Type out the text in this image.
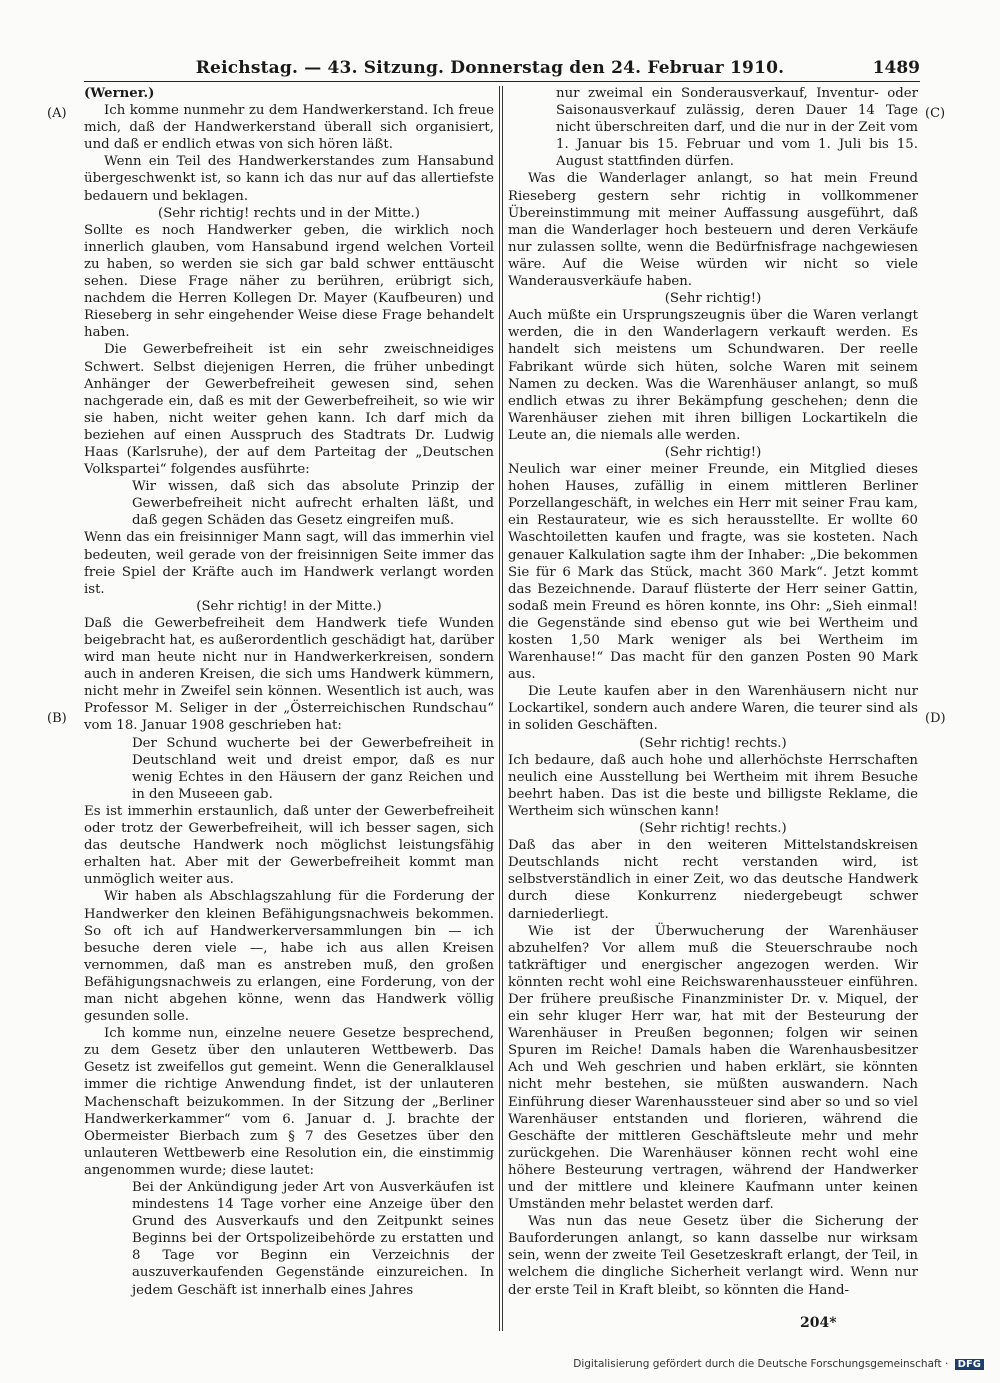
Reichstag. — 43. Sitzung. Donnerstag den 24. Februar 1910.	1489
(A)
(B)
(C)
(D)

(Werner.)

Ich komme nunmehr zu dem Handwerkerstand. Ich freue mich, daß der Handwerkerstand überall sich organisiert, und daß er endlich etwas von sich hören läßt.

Wenn ein Teil des Handwerkerstandes zum Hansabund übergeschwenkt ist, so kann ich das nur auf das allertiefste bedauern und beklagen.

(Sehr richtig! rechts und in der Mitte.)

Sollte es noch Handwerker geben, die wirklich noch innerlich glauben, vom Hansabund irgend welchen Vorteil zu haben, so werden sie sich gar bald schwer enttäuscht sehen. Diese Frage näher zu berühren, erübrigt sich, nachdem die Herren Kollegen Dr. Mayer (Kaufbeuren) und Rieseberg in sehr eingehender Weise diese Frage behandelt haben.

Die Gewerbefreiheit ist ein sehr zweischneidiges Schwert. Selbst diejenigen Herren, die früher unbedingt Anhänger der Gewerbefreiheit gewesen sind, sehen nachgerade ein, daß es mit der Gewerbefreiheit, so wie wir sie haben, nicht weiter gehen kann. Ich darf mich da beziehen auf einen Ausspruch des Stadtrats Dr. Ludwig Haas (Karlsruhe), der auf dem Parteitag der „Deutschen Volkspartei“ folgendes ausführte:

Wir wissen, daß sich das absolute Prinzip der Gewerbefreiheit nicht aufrecht erhalten läßt, und daß gegen Schäden das Gesetz eingreifen muß.

Wenn das ein freisinniger Mann sagt, will das immerhin viel bedeuten, weil gerade von der freisinnigen Seite immer das freie Spiel der Kräfte auch im Handwerk verlangt worden ist.

(Sehr richtig! in der Mitte.)

Daß die Gewerbefreiheit dem Handwerk tiefe Wunden beigebracht hat, es außerordentlich geschädigt hat, darüber wird man heute nicht nur in Handwerkerkreisen, sondern auch in anderen Kreisen, die sich ums Handwerk kümmern, nicht mehr in Zweifel sein können. Wesentlich ist auch, was Professor M. Seliger in der „Österreichischen Rundschau“ vom 18. Januar 1908 geschrieben hat:

Der Schund wucherte bei der Gewerbefreiheit in Deutschland weit und dreist empor, daß es nur wenig Echtes in den Häusern der ganz Reichen und in den Museeen gab.

Es ist immerhin erstaunlich, daß unter der Gewerbefreiheit oder trotz der Gewerbefreiheit, will ich besser sagen, sich das deutsche Handwerk noch möglichst leistungsfähig erhalten hat. Aber mit der Gewerbefreiheit kommt man unmöglich weiter aus.

Wir haben als Abschlagszahlung für die Forderung der Handwerker den kleinen Befähigungsnachweis bekommen. So oft ich auf Handwerkerversammlungen bin — ich besuche deren viele —, habe ich aus allen Kreisen vernommen, daß man es anstreben muß, den großen Befähigungsnachweis zu erlangen, eine Forderung, von der man nicht abgehen könne, wenn das Handwerk völlig gesunden solle.

Ich komme nun, einzelne neuere Gesetze besprechend, zu dem Gesetz über den unlauteren Wettbewerb. Das Gesetz ist zweifellos gut gemeint. Wenn die Generalklausel immer die richtige Anwendung findet, ist der unlauteren Machenschaft beizukommen. In der Sitzung der „Berliner Handwerkerkammer“ vom 6. Januar d. J. brachte der Obermeister Bierbach zum § 7 des Gesetzes über den unlauteren Wettbewerb eine Resolution ein, die einstimmig angenommen wurde; diese lautet:

Bei der Ankündigung jeder Art von Ausverkäufen ist mindestens 14 Tage vorher eine Anzeige über den Grund des Ausverkaufs und den Zeitpunkt seines Beginns bei der Ortspolizeibehörde zu erstatten und 8 Tage vor Beginn ein Verzeichnis der auszuverkaufenden Gegenstände einzureichen. In jedem Geschäft ist innerhalb eines Jahres

nur zweimal ein Sonderausverkauf, Inventur- oder Saisonausverkauf zulässig, deren Dauer 14 Tage nicht überschreiten darf, und die nur in der Zeit vom 1. Januar bis 15. Februar und vom 1. Juli bis 15. August stattfinden dürfen.

Was die Wanderlager anlangt, so hat mein Freund Rieseberg gestern sehr richtig in vollkommener Übereinstimmung mit meiner Auffassung ausgeführt, daß man die Wanderlager hoch besteuern und deren Verkäufe nur zulassen sollte, wenn die Bedürfnisfrage nachgewiesen wäre. Auf die Weise würden wir nicht so viele Wanderausverkäufe haben.

(Sehr richtig!)

Auch müßte ein Ursprungszeugnis über die Waren verlangt werden, die in den Wanderlagern verkauft werden. Es handelt sich meistens um Schundwaren. Der reelle Fabrikant würde sich hüten, solche Waren mit seinem Namen zu decken. Was die Warenhäuser anlangt, so muß endlich etwas zu ihrer Bekämpfung geschehen; denn die Warenhäuser ziehen mit ihren billigen Lockartikeln die Leute an, die niemals alle werden.

(Sehr richtig!)

Neulich war einer meiner Freunde, ein Mitglied dieses hohen Hauses, zufällig in einem mittleren Berliner Porzellangeschäft, in welches ein Herr mit seiner Frau kam, ein Restaurateur, wie es sich herausstellte. Er wollte 60 Waschtoiletten kaufen und fragte, was sie kosteten. Nach genauer Kalkulation sagte ihm der Inhaber: „Die bekommen Sie für 6 Mark das Stück, macht 360 Mark“. Jetzt kommt das Bezeichnende. Darauf flüsterte der Herr seiner Gattin, sodaß mein Freund es hören konnte, ins Ohr: „Sieh einmal! die Gegenstände sind ebenso gut wie bei Wertheim und kosten 1,50 Mark weniger als bei Wertheim im Warenhause!“ Das macht für den ganzen Posten 90 Mark aus.

Die Leute kaufen aber in den Warenhäusern nicht nur Lockartikel, sondern auch andere Waren, die teurer sind als in soliden Geschäften.

(Sehr richtig! rechts.)

Ich bedaure, daß auch hohe und allerhöchste Herrschaften neulich eine Ausstellung bei Wertheim mit ihrem Besuche beehrt haben. Das ist die beste und billigste Reklame, die Wertheim sich wünschen kann!

(Sehr richtig! rechts.)

Daß das aber in den weiteren Mittelstandskreisen Deutschlands nicht recht verstanden wird, ist selbstverständlich in einer Zeit, wo das deutsche Handwerk durch diese Konkurrenz niedergebeugt schwer darniederliegt.

Wie ist der Überwucherung der Warenhäuser abzuhelfen? Vor allem muß die Steuerschraube noch tatkräftiger und energischer angezogen werden. Wir könnten recht wohl eine Reichswarenhaussteuer einführen. Der frühere preußische Finanzminister Dr. v. Miquel, der ein sehr kluger Herr war, hat mit der Besteurung der Warenhäuser in Preußen begonnen; folgen wir seinen Spuren im Reiche! Damals haben die Warenhausbesitzer Ach und Weh geschrien und haben erklärt, sie könnten nicht mehr bestehen, sie müßten auswandern. Nach Einführung dieser Warenhaussteuer sind aber so und so viel Warenhäuser entstanden und florieren, während die Geschäfte der mittleren Geschäftsleute mehr und mehr zurückgehen. Die Warenhäuser können recht wohl eine höhere Besteurung vertragen, während der Handwerker und der mittlere und kleinere Kaufmann unter keinen Umständen mehr belastet werden darf.

Was nun das neue Gesetz über die Sicherung der Bauforderungen anlangt, so kann dasselbe nur wirksam sein, wenn der zweite Teil Gesetzeskraft erlangt, der Teil, in welchem die dingliche Sicherheit verlangt wird. Wenn nur der erste Teil in Kraft bleibt, so könnten die Hand-

204*
Digitalisierung gefördert durch die Deutsche Forschungsgemeinschaft · DFG
